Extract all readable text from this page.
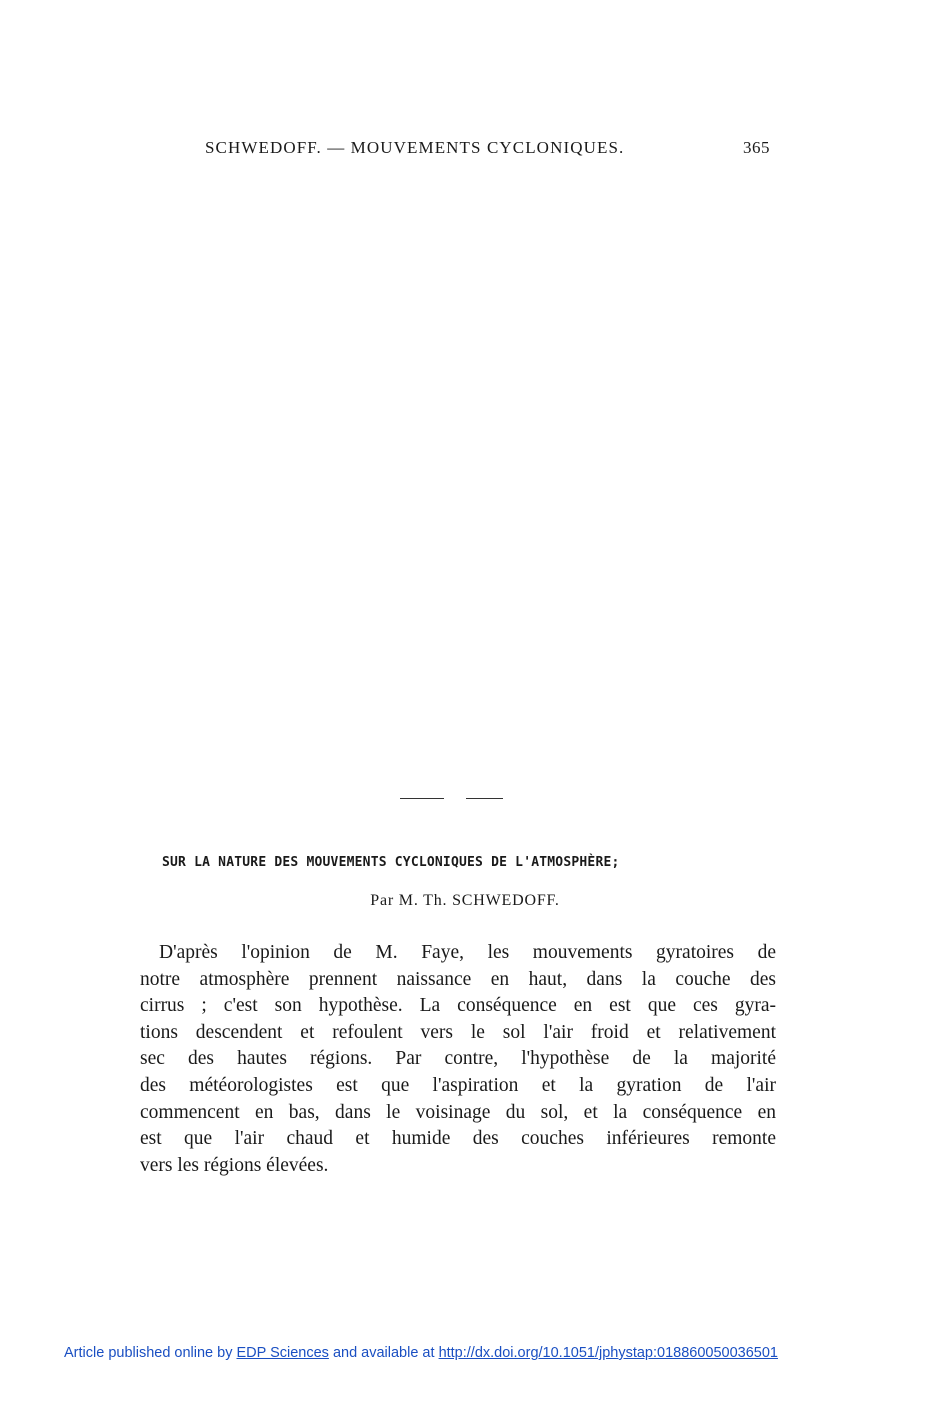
SCHWEDOFF. — MOUVEMENTS CYCLONIQUES.	365
SUR LA NATURE DES MOUVEMENTS CYCLONIQUES DE L'ATMOSPHÈRE;
Par M. Th. SCHWEDOFF.
D'après l'opinion de M. Faye, les mouvements gyratoires de
notre atmosphère prennent naissance en haut, dans la couche des
cirrus ; c'est son hypothèse. La conséquence en est que ces gyra-
tions descendent et refoulent vers le sol l'air froid et relativement
sec des hautes régions. Par contre, l'hypothèse de la majorité
des météorologistes est que l'aspiration et la gyration de l'air
commencent en bas, dans le voisinage du sol, et la conséquence en
est que l'air chaud et humide des couches inférieures remonte
vers les régions élevées.
Article published online by EDP Sciences and available at http://dx.doi.org/10.1051/jphystap:018860050036501
